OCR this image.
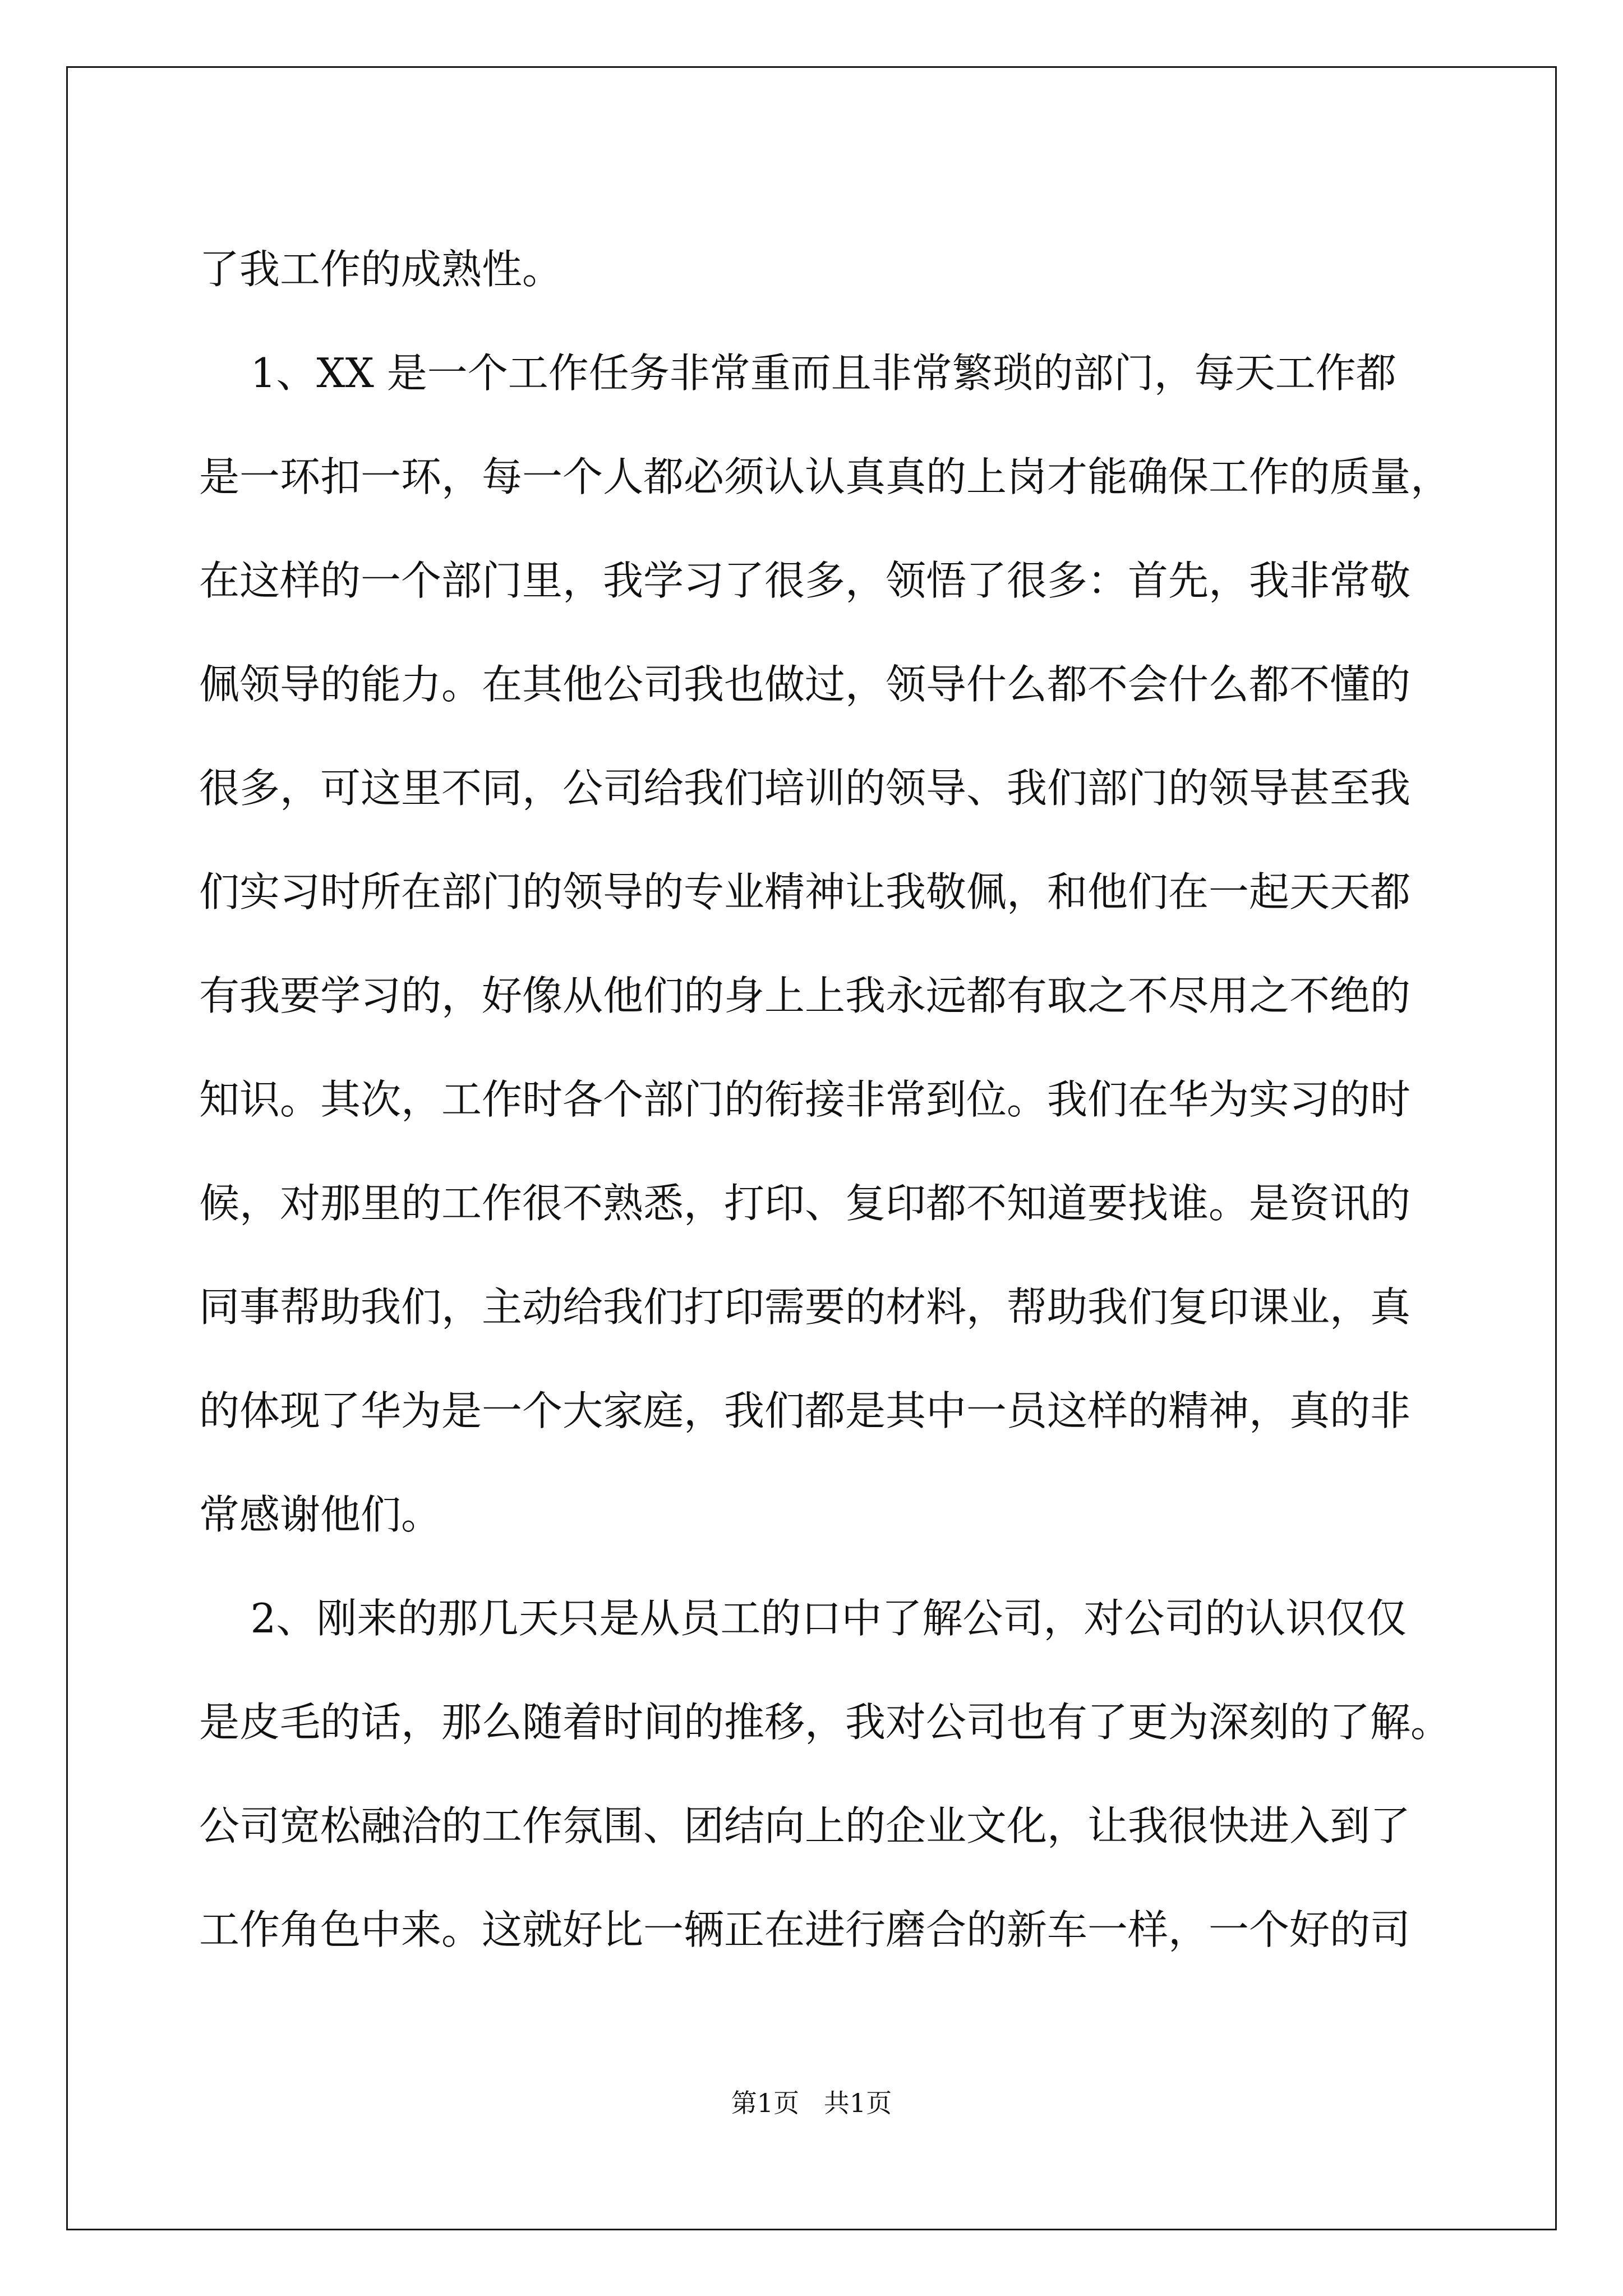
了我工作的成熟性。
1、XX 是一个工作任务非常重而且非常繁琐的部门，每天工作都
是一环扣一环，每一个人都必须认认真真的上岗才能确保工作的质量，
在这样的一个部门里，我学习了很多，领悟了很多：首先，我非常敬
佩领导的能力。在其他公司我也做过，领导什么都不会什么都不懂的
很多，可这里不同，公司给我们培训的领导、我们部门的领导甚至我
们实习时所在部门的领导的专业精神让我敬佩，和他们在一起天天都
有我要学习的，好像从他们的身上上我永远都有取之不尽用之不绝的
知识。其次，工作时各个部门的衔接非常到位。我们在华为实习的时
候，对那里的工作很不熟悉，打印、复印都不知道要找谁。是资讯的
同事帮助我们，主动给我们打印需要的材料，帮助我们复印课业，真
的体现了华为是一个大家庭，我们都是其中一员这样的精神，真的非
常感谢他们。
2、刚来的那几天只是从员工的口中了解公司，对公司的认识仅仅
是皮毛的话，那么随着时间的推移，我对公司也有了更为深刻的了解。
公司宽松融洽的工作氛围、团结向上的企业文化，让我很快进入到了
工作角色中来。这就好比一辆正在进行磨合的新车一样，一个好的司
第1页   共1页
